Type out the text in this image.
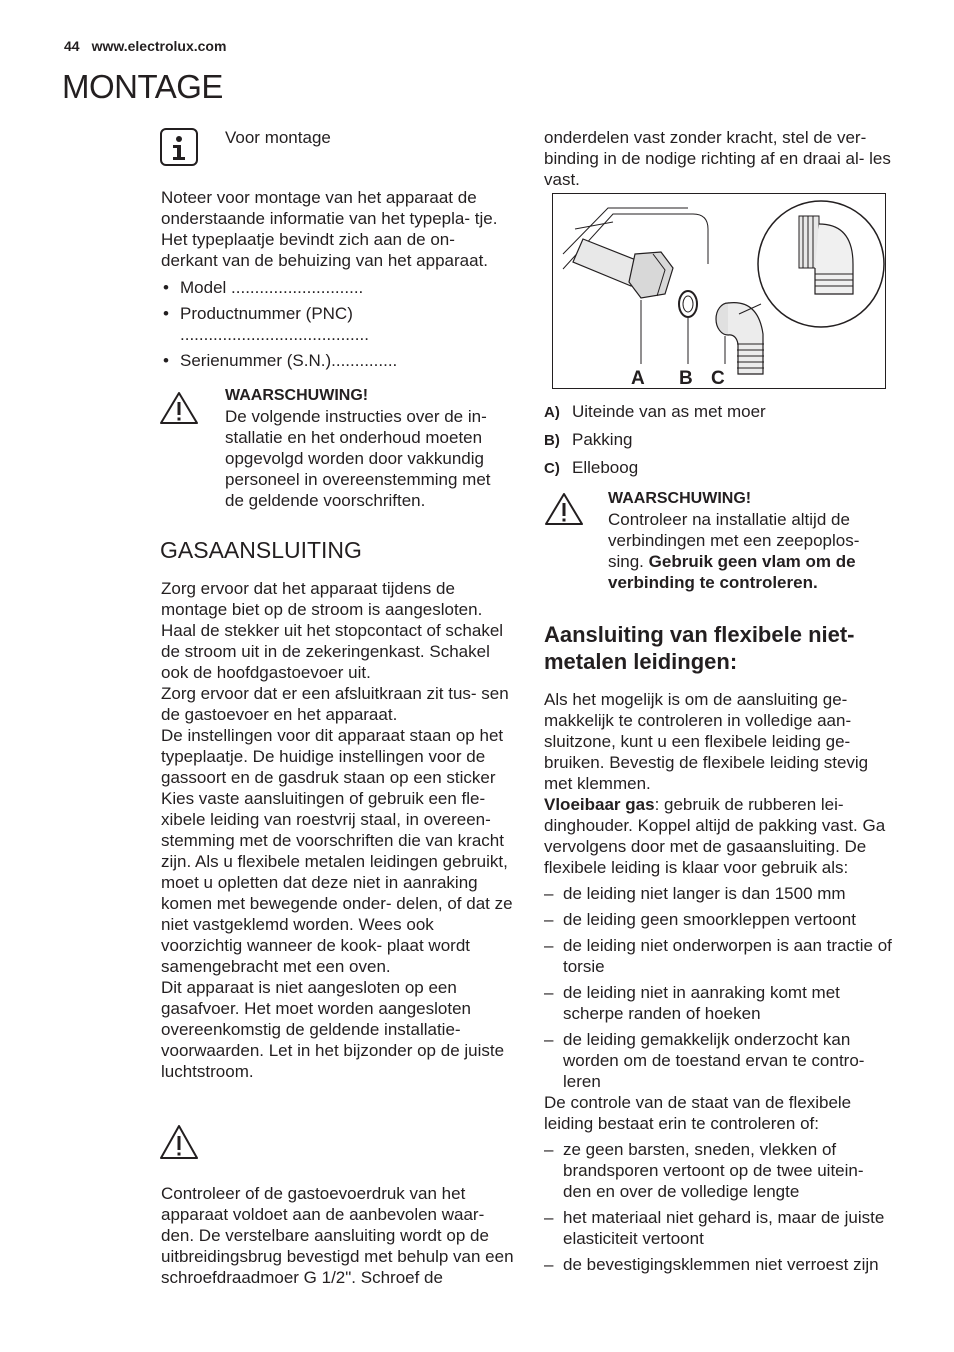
44 www.electrolux.com
MONTAGE
Voor montage
Noteer voor montage van het apparaat de onderstaande informatie van het typepla- tje. Het typeplaatje bevindt zich aan de on- derkant van de behuizing van het apparaat.
• Model ............................
• Productnummer (PNC) ........................................
• Serienummer (S.N.)..............

WAARSCHUWING!

De volgende instructies over de in- stallatie en het onderhoud moeten opgevolgd worden door vakkundig personeel in overeenstemming met de geldende voorschriften.

GASAANSLUITING

Zorg ervoor dat het apparaat tijdens de montage biet op de stroom is aangesloten. Haal de stekker uit het stopcontact of schakel de stroom uit in de zekeringenkast. Schakel ook de hoofdgastoevoer uit.

Zorg ervoor dat er een afsluitkraan zit tus- sen de gastoevoer en het apparaat.

De instellingen voor dit apparaat staan op het typeplaatje. De huidige instellingen voor de gassoort en de gasdruk staan op een sticker

Kies vaste aansluitingen of gebruik een fle- xibele leiding van roestvrij staal, in overeen- stemming met de voorschriften die van kracht zijn. Als u flexibele metalen leidingen gebruikt, moet u opletten dat deze niet in aanraking komen met bewegende onder- delen, of dat ze niet vastgeklemd worden. Wees ook voorzichtig wanneer de kook- plaat wordt samengebracht met een oven.

Dit apparaat is niet aangesloten op een gasafvoer. Het moet worden aangesloten overeenkomstig de geldende installatie- voorwaarden. Let in het bijzonder op de juiste luchtstroom.

Controleer of de gastoevoerdruk van het apparaat voldoet aan de aanbevolen waar- den. De verstelbare aansluiting wordt op de uitbreidingsbrug bevestigd met behulp van een schroefdraadmoer G 1/2". Schroef de
onderdelen vast zonder kracht, stel de ver- binding in de nodige richting af en draai al- les vast.
A B C
A) Uiteinde van as met moer
B) Pakking
C) Elleboog

WAARSCHUWING!

Controleer na installatie altijd de verbindingen met een zeepoplos- sing. Gebruik geen vlam om de verbinding te controleren.

Aansluiting van flexibele niet- metalen leidingen:

Als het mogelijk is om de aansluiting ge- makkelijk te controleren in volledige aan- sluitzone, kunt u een flexibele leiding ge- bruiken. Bevestig de flexibele leiding stevig met klemmen.

Vloeibaar gas: gebruik de rubberen lei- dinghouder. Koppel altijd de pakking vast. Ga vervolgens door met de gasaansluiting. De flexibele leiding is klaar voor gebruik als:

– de leiding niet langer is dan 1500 mm
– de leiding geen smoorkleppen vertoont
– de leiding niet onderworpen is aan tractie of torsie
– de leiding niet in aanraking komt met scherpe randen of hoeken
– de leiding gemakkelijk onderzocht kan worden om de toestand ervan te contro- leren

De controle van de staat van de flexibele leiding bestaat erin te controleren of:

– ze geen barsten, sneden, vlekken of brandsporen vertoont op de twee uitein- den en over de volledige lengte
– het materiaal niet gehard is, maar de juiste elasticiteit vertoont
– de bevestigingsklemmen niet verroest zijn
